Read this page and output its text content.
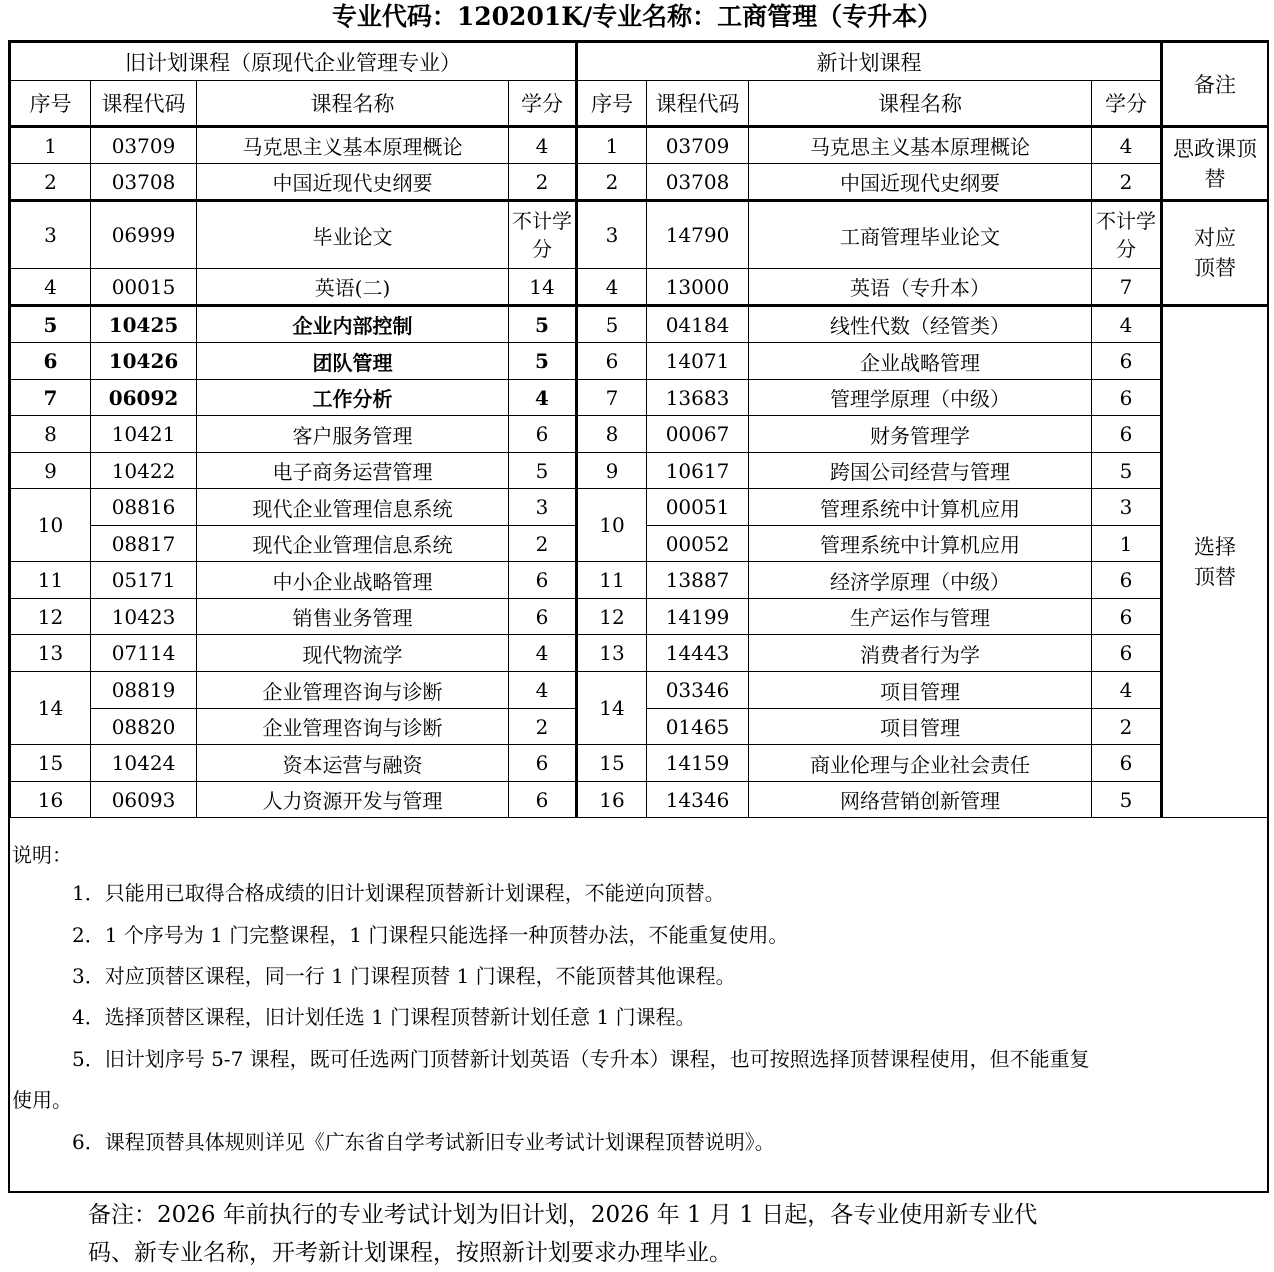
专业代码：120201K/专业名称：工商管理（专升本）
旧计划课程（原现代企业管理专业）				新计划课程				备注
序号	课程代码	课程名称	学分	序号	课程代码	课程名称	学分	
1	03709	马克思主义基本原理概论	4	1	03709	马克思主义基本原理概论	4	思政课顶替
2	03708	中国近现代史纲要	2	2	03708	中国近现代史纲要	2	
3	06999	毕业论文	不计学分	3	14790	工商管理毕业论文	不计学分	对应顶替
4	00015	英语(二)	14	4	13000	英语（专升本）	7	
5	10425	企业内部控制	5	5	04184	线性代数（经管类）	4	选择顶替
6	10426	团队管理	5	6	14071	企业战略管理	6	
7	06092	工作分析	4	7	13683	管理学原理（中级）	6	
8	10421	客户服务管理	6	8	00067	财务管理学	6	
9	10422	电子商务运营管理	5	9	10617	跨国公司经营与管理	5	
10	08816	现代企业管理信息系统	3	10	00051	管理系统中计算机应用	3	
	08817	现代企业管理信息系统	2		00052	管理系统中计算机应用	1	
11	05171	中小企业战略管理	6	11	13887	经济学原理（中级）	6	
12	10423	销售业务管理	6	12	14199	生产运作与管理	6	
13	07114	现代物流学	4	13	14443	消费者行为学	6	
14	08819	企业管理咨询与诊断	4	14	03346	项目管理	4	
	08820	企业管理咨询与诊断	2		01465	项目管理	2	
15	10424	资本运营与融资	6	15	14159	商业伦理与企业社会责任	6	
16	06093	人力资源开发与管理	6	16	14346	网络营销创新管理	5	
说明：

1．只能用已取得合格成绩的旧计划课程顶替新计划课程，不能逆向顶替。

2．1 个序号为 1 门完整课程，1 门课程只能选择一种顶替办法，不能重复使用。

3．对应顶替区课程，同一行 1 门课程顶替 1 门课程，不能顶替其他课程。

4．选择顶替区课程，旧计划任选 1 门课程顶替新计划任意 1 门课程。

5．旧计划序号 5-7 课程，既可任选两门顶替新计划英语（专升本）课程，也可按照选择顶替课程使用，但不能重复

使用。

6．课程顶替具体规则详见《广东省自学考试新旧专业考试计划课程顶替说明》。

备注：2026 年前执行的专业考试计划为旧计划，2026 年 1 月 1 日起，各专业使用新专业代
码、新专业名称，开考新计划课程，按照新计划要求办理毕业。
